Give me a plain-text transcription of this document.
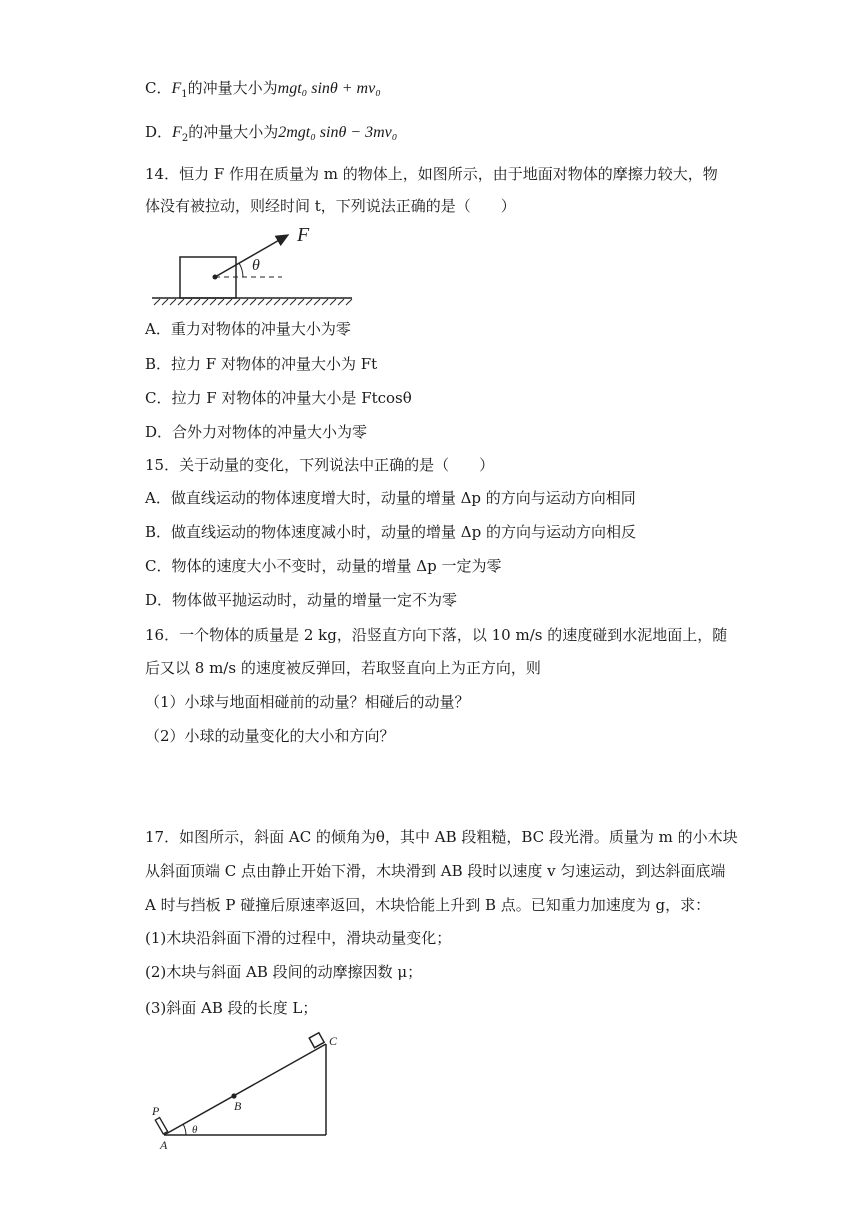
C．$F_1$的冲量大小为mgt₀ sinθ + mv₀
D．$F_2$的冲量大小为2mgt₀ sinθ − 3mv₀
14．恒力 F 作用在质量为 m 的物体上，如图所示，由于地面对物体的摩擦力较大，物
体没有被拉动，则经时间 t，下列说法正确的是（　　）
F
θ
A．重力对物体的冲量大小为零
B．拉力 F 对物体的冲量大小为 Ft
C．拉力 F 对物体的冲量大小是 Ftcosθ
D．合外力对物体的冲量大小为零
15．关于动量的变化，下列说法中正确的是（　　）
A．做直线运动的物体速度增大时，动量的增量 Δp 的方向与运动方向相同
B．做直线运动的物体速度减小时，动量的增量 Δp 的方向与运动方向相反
C．物体的速度大小不变时，动量的增量 Δp 一定为零
D．物体做平抛运动时，动量的增量一定不为零
16．一个物体的质量是 2 kg，沿竖直方向下落，以 10 m/s 的速度碰到水泥地面上，随
后又以 8 m/s 的速度被反弹回，若取竖直向上为正方向，则
（1）小球与地面相碰前的动量？相碰后的动量？
（2）小球的动量变化的大小和方向？
17．如图所示，斜面 AC 的倾角为θ，其中 AB 段粗糙，BC 段光滑。质量为 m 的小木块
从斜面顶端 C 点由静止开始下滑，木块滑到 AB 段时以速度 v 匀速运动，到达斜面底端
A 时与挡板 P 碰撞后原速率返回，木块恰能上升到 B 点。已知重力加速度为 g，求：
(1)木块沿斜面下滑的过程中，滑块动量变化；
(2)木块与斜面 AB 段间的动摩擦因数 μ；
(3)斜面 AB 段的长度 L；
C
B
P
A
θ
